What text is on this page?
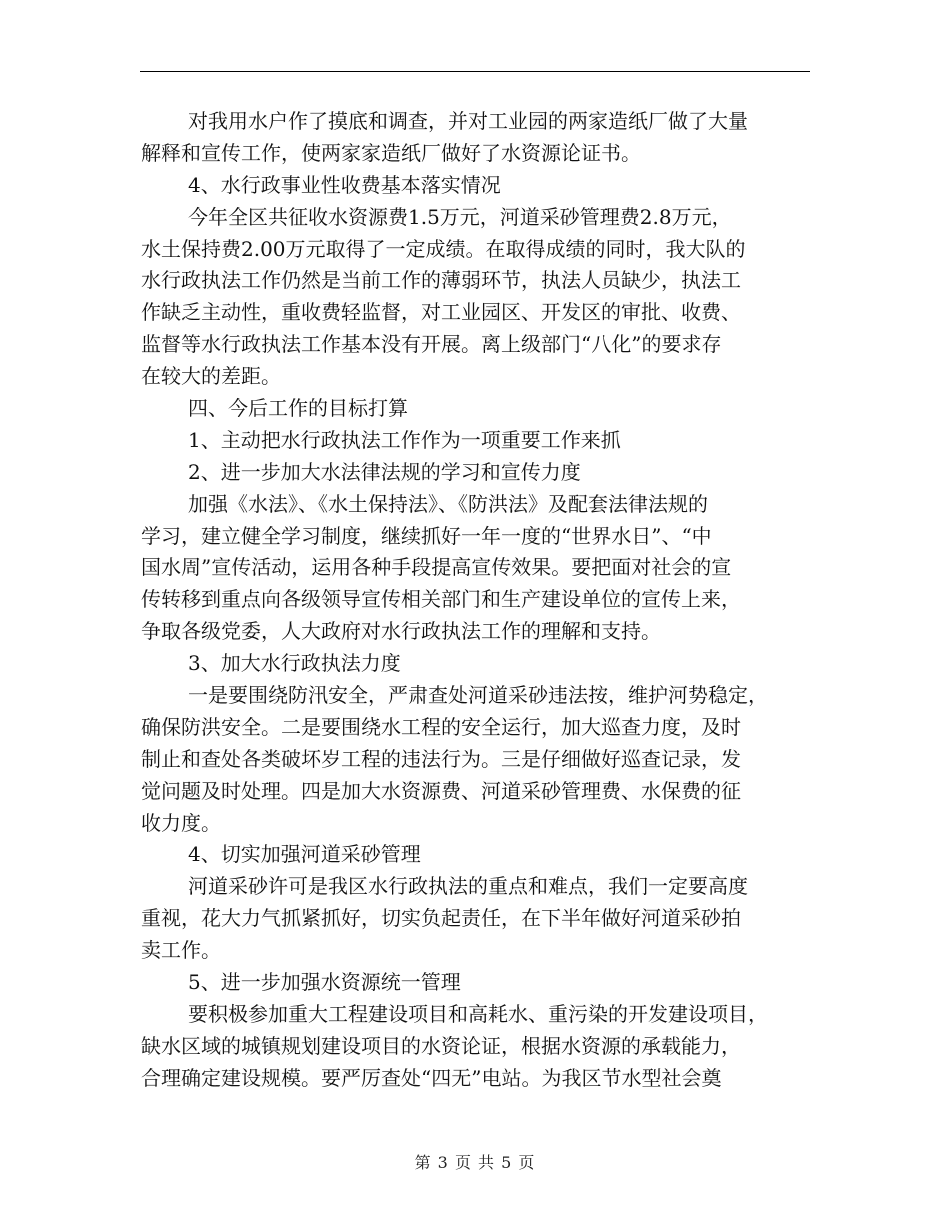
对我用水户作了摸底和调查，并对工业园的两家造纸厂做了大量
解释和宣传工作，使两家家造纸厂做好了水资源论证书。
4、水行政事业性收费基本落实情况
今年全区共征收水资源费1.5万元，河道采砂管理费2.8万元，
水土保持费2.00万元取得了一定成绩。在取得成绩的同时，我大队的
水行政执法工作仍然是当前工作的薄弱环节，执法人员缺少，执法工
作缺乏主动性，重收费轻监督，对工业园区、开发区的审批、收费、
监督等水行政执法工作基本没有开展。离上级部门“八化”的要求存
在较大的差距。
四、今后工作的目标打算
1、主动把水行政执法工作作为一项重要工作来抓
2、进一步加大水法律法规的学习和宣传力度
加强《水法》、《水土保持法》、《防洪法》及配套法律法规的
学习，建立健全学习制度，继续抓好一年一度的“世界水日”、“中
国水周”宣传活动，运用各种手段提高宣传效果。要把面对社会的宣
传转移到重点向各级领导宣传相关部门和生产建设单位的宣传上来，
争取各级党委，人大政府对水行政执法工作的理解和支持。
3、加大水行政执法力度
一是要围绕防汛安全，严肃查处河道采砂违法按，维护河势稳定，
确保防洪安全。二是要围绕水工程的安全运行，加大巡查力度，及时
制止和查处各类破坏岁工程的违法行为。三是仔细做好巡查记录，发
觉问题及时处理。四是加大水资源费、河道采砂管理费、水保费的征
收力度。
4、切实加强河道采砂管理
河道采砂许可是我区水行政执法的重点和难点，我们一定要高度
重视，花大力气抓紧抓好，切实负起责任，在下半年做好河道采砂拍
卖工作。
5、进一步加强水资源统一管理
要积极参加重大工程建设项目和高耗水、重污染的开发建设项目，
缺水区域的城镇规划建设项目的水资论证，根据水资源的承载能力，
合理确定建设规模。要严厉查处“四无”电站。为我区节水型社会奠
第 3 页 共 5 页
